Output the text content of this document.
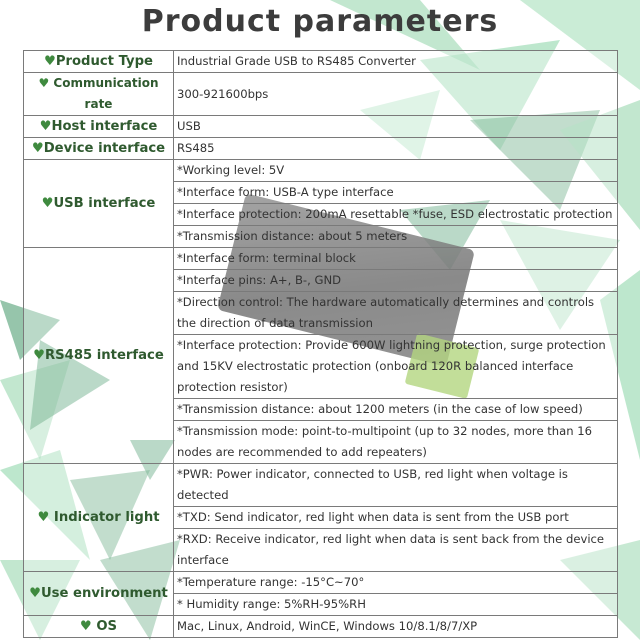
Product parameters
♥Product Type	Industrial Grade USB to RS485 Converter
♥ Communication rate	300-921600bps
♥Host interface	USB
♥Device interface	RS485
♥USB interface	*Working level: 5V
	*Interface form: USB-A type interface
	*Interface protection: 200mA resettable *fuse, ESD electrostatic protection
	*Transmission distance: about 5 meters
♥RS485 interface	*Interface form: terminal block
	*Interface pins: A+, B-, GND
	*Direction control: The hardware automatically determines and controls the direction of data transmission
	*Interface protection: Provide 600W lightning protection, surge protection and 15KV electrostatic protection (onboard 120R balanced interface protection resistor)
	*Transmission distance: about 1200 meters (in the case of low speed)
	*Transmission mode: point-to-multipoint (up to 32 nodes, more than 16 nodes are recommended to add repeaters)
♥ Indicator light	*PWR: Power indicator, connected to USB, red light when voltage is detected
	*TXD: Send indicator, red light when data is sent from the USB port
	*RXD: Receive indicator, red light when data is sent back from the device interface
♥Use environment	*Temperature range: -15°C~70°
	* Humidity range: 5%RH-95%RH
♥ OS	Mac, Linux, Android, WinCE, Windows 10/8.1/8/7/XP
